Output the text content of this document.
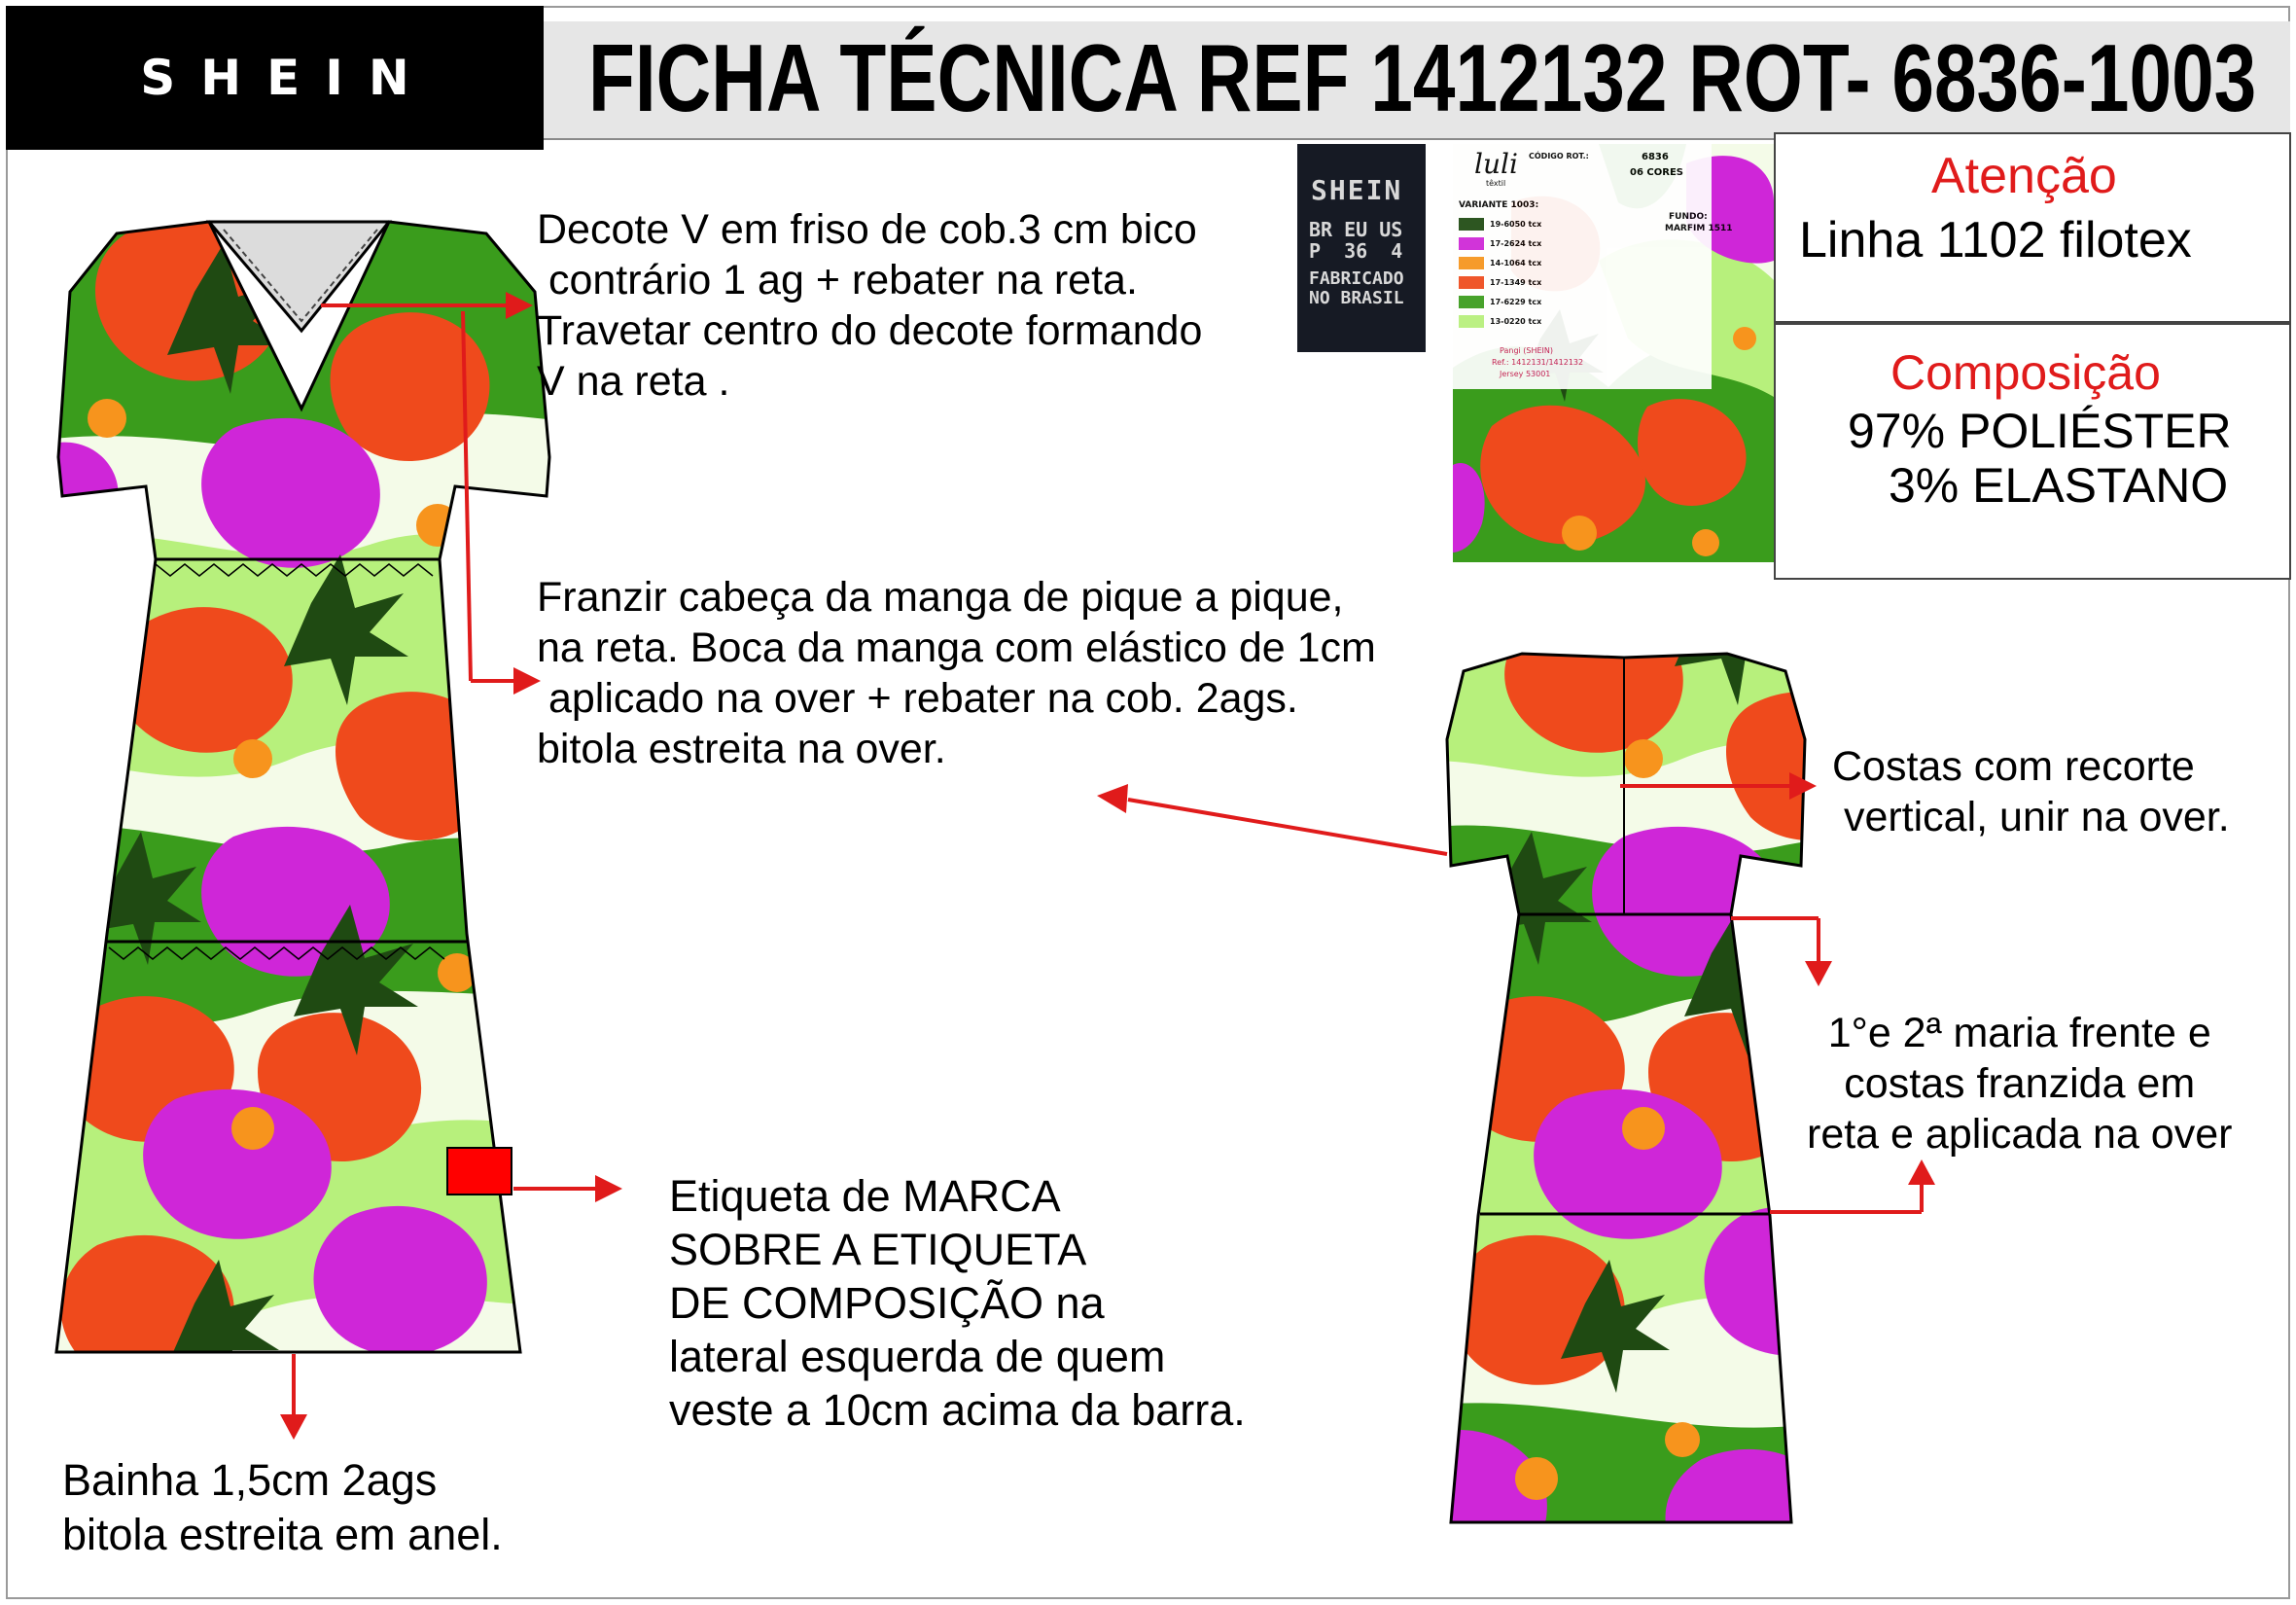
SHEIN FICHA TÉCNICA REF 1412132 ROT- 6836-1003
SHEIN
BR EU US
P  36  4
FABRICADO
NO BRASIL
luli
têxtil
CÓDIGO ROT.:	6836
06 CORES
VARIANTE 1003:
FUNDO:
MARFIM 1511
19-6050 tcx
17-2624 tcx
14-1064 tcx
17-1349 tcx
17-6229 tcx
13-0220 tcx
Pangi (SHEIN)
Ref.: 1412131/1412132
Jersey 53001
Atenção
Linha 1102 filotex
Composição
97% POLIÉSTER
3% ELASTANO
Decote V em friso de cob.3 cm bico
contrário 1 ag + rebater na reta.
Travetar centro do decote formando
V na reta .
Franzir cabeça da manga de pique a pique,
na reta. Boca da manga com elástico de 1cm
aplicado na over + rebater na cob. 2ags.
bitola estreita na over.
Etiqueta de MARCA
SOBRE A ETIQUETA
DE COMPOSIÇÃO na
lateral esquerda de quem
veste a 10cm acima da barra.
Bainha 1,5cm 2ags
bitola estreita em anel.
Costas com recorte
vertical, unir na over.
1°e 2ª maria frente e
costas franzida em
reta e aplicada na over
